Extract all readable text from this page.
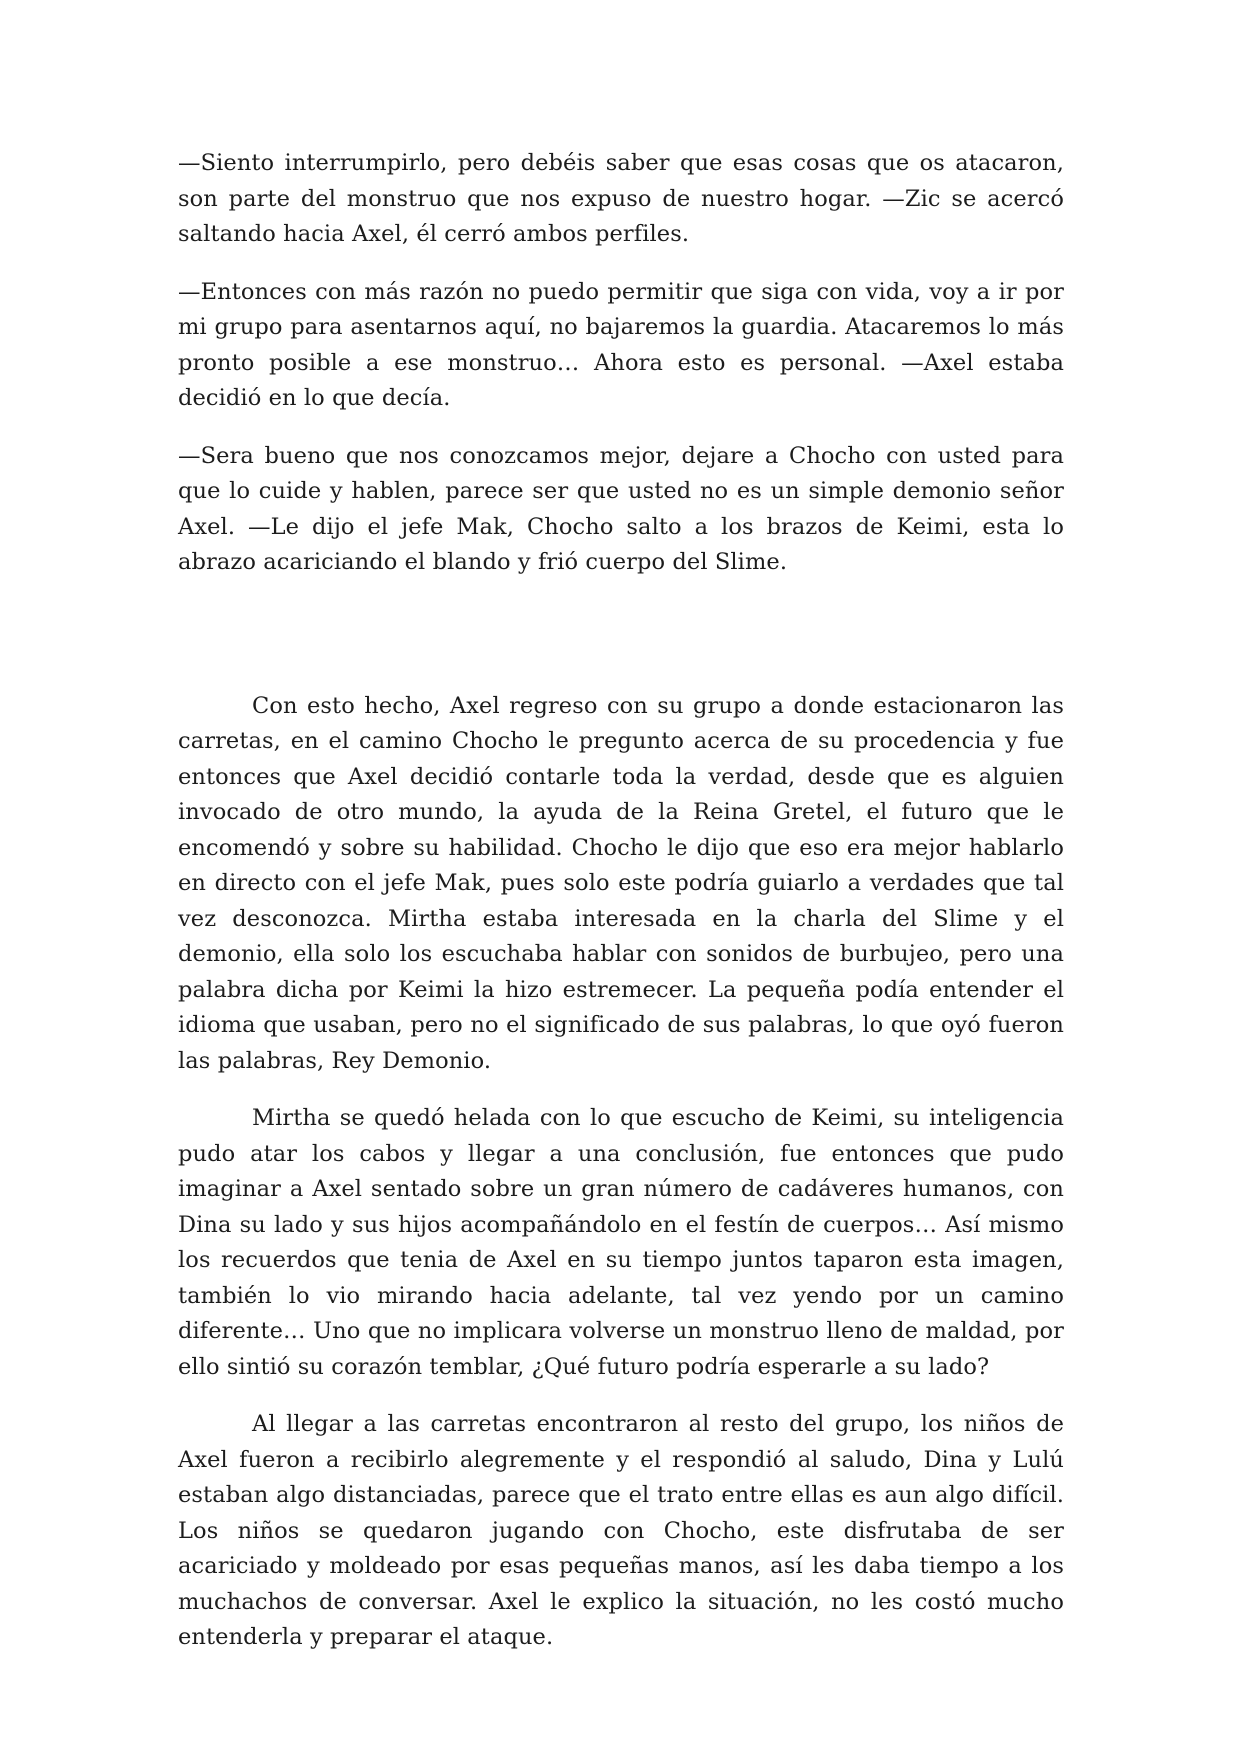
—Siento interrumpirlo, pero debéis saber que esas cosas que os atacaron, son parte del monstruo que nos expuso de nuestro hogar. —Zic se acercó saltando hacia Axel, él cerró ambos perfiles.

—Entonces con más razón no puedo permitir que siga con vida, voy a ir por mi grupo para asentarnos aquí, no bajaremos la guardia. Atacaremos lo más pronto posible a ese monstruo… Ahora esto es personal. —Axel estaba decidió en lo que decía.

—Sera bueno que nos conozcamos mejor, dejare a Chocho con usted para que lo cuide y hablen, parece ser que usted no es un simple demonio señor Axel. —Le dijo el jefe Mak, Chocho salto a los brazos de Keimi, esta lo abrazo acariciando el blando y frió cuerpo del Slime.

Con esto hecho, Axel regreso con su grupo a donde estacionaron las carretas, en el camino Chocho le pregunto acerca de su procedencia y fue entonces que Axel decidió contarle toda la verdad, desde que es alguien invocado de otro mundo, la ayuda de la Reina Gretel, el futuro que le encomendó y sobre su habilidad. Chocho le dijo que eso era mejor hablarlo en directo con el jefe Mak, pues solo este podría guiarlo a verdades que tal vez desconozca. Mirtha estaba interesada en la charla del Slime y el demonio, ella solo los escuchaba hablar con sonidos de burbujeo, pero una palabra dicha por Keimi la hizo estremecer. La pequeña podía entender el idioma que usaban, pero no el significado de sus palabras, lo que oyó fueron las palabras, Rey Demonio.

Mirtha se quedó helada con lo que escucho de Keimi, su inteligencia pudo atar los cabos y llegar a una conclusión, fue entonces que pudo imaginar a Axel sentado sobre un gran número de cadáveres humanos, con Dina su lado y sus hijos acompañándolo en el festín de cuerpos… Así mismo los recuerdos que tenia de Axel en su tiempo juntos taparon esta imagen, también lo vio mirando hacia adelante, tal vez yendo por un camino diferente… Uno que no implicara volverse un monstruo lleno de maldad, por ello sintió su corazón temblar, ¿Qué futuro podría esperarle a su lado?

Al llegar a las carretas encontraron al resto del grupo, los niños de Axel fueron a recibirlo alegremente y el respondió al saludo, Dina y Lulú estaban algo distanciadas, parece que el trato entre ellas es aun algo difícil. Los niños se quedaron jugando con Chocho, este disfrutaba de ser acariciado y moldeado por esas pequeñas manos, así les daba tiempo a los muchachos de conversar. Axel le explico la situación, no les costó mucho entenderla y preparar el ataque.
